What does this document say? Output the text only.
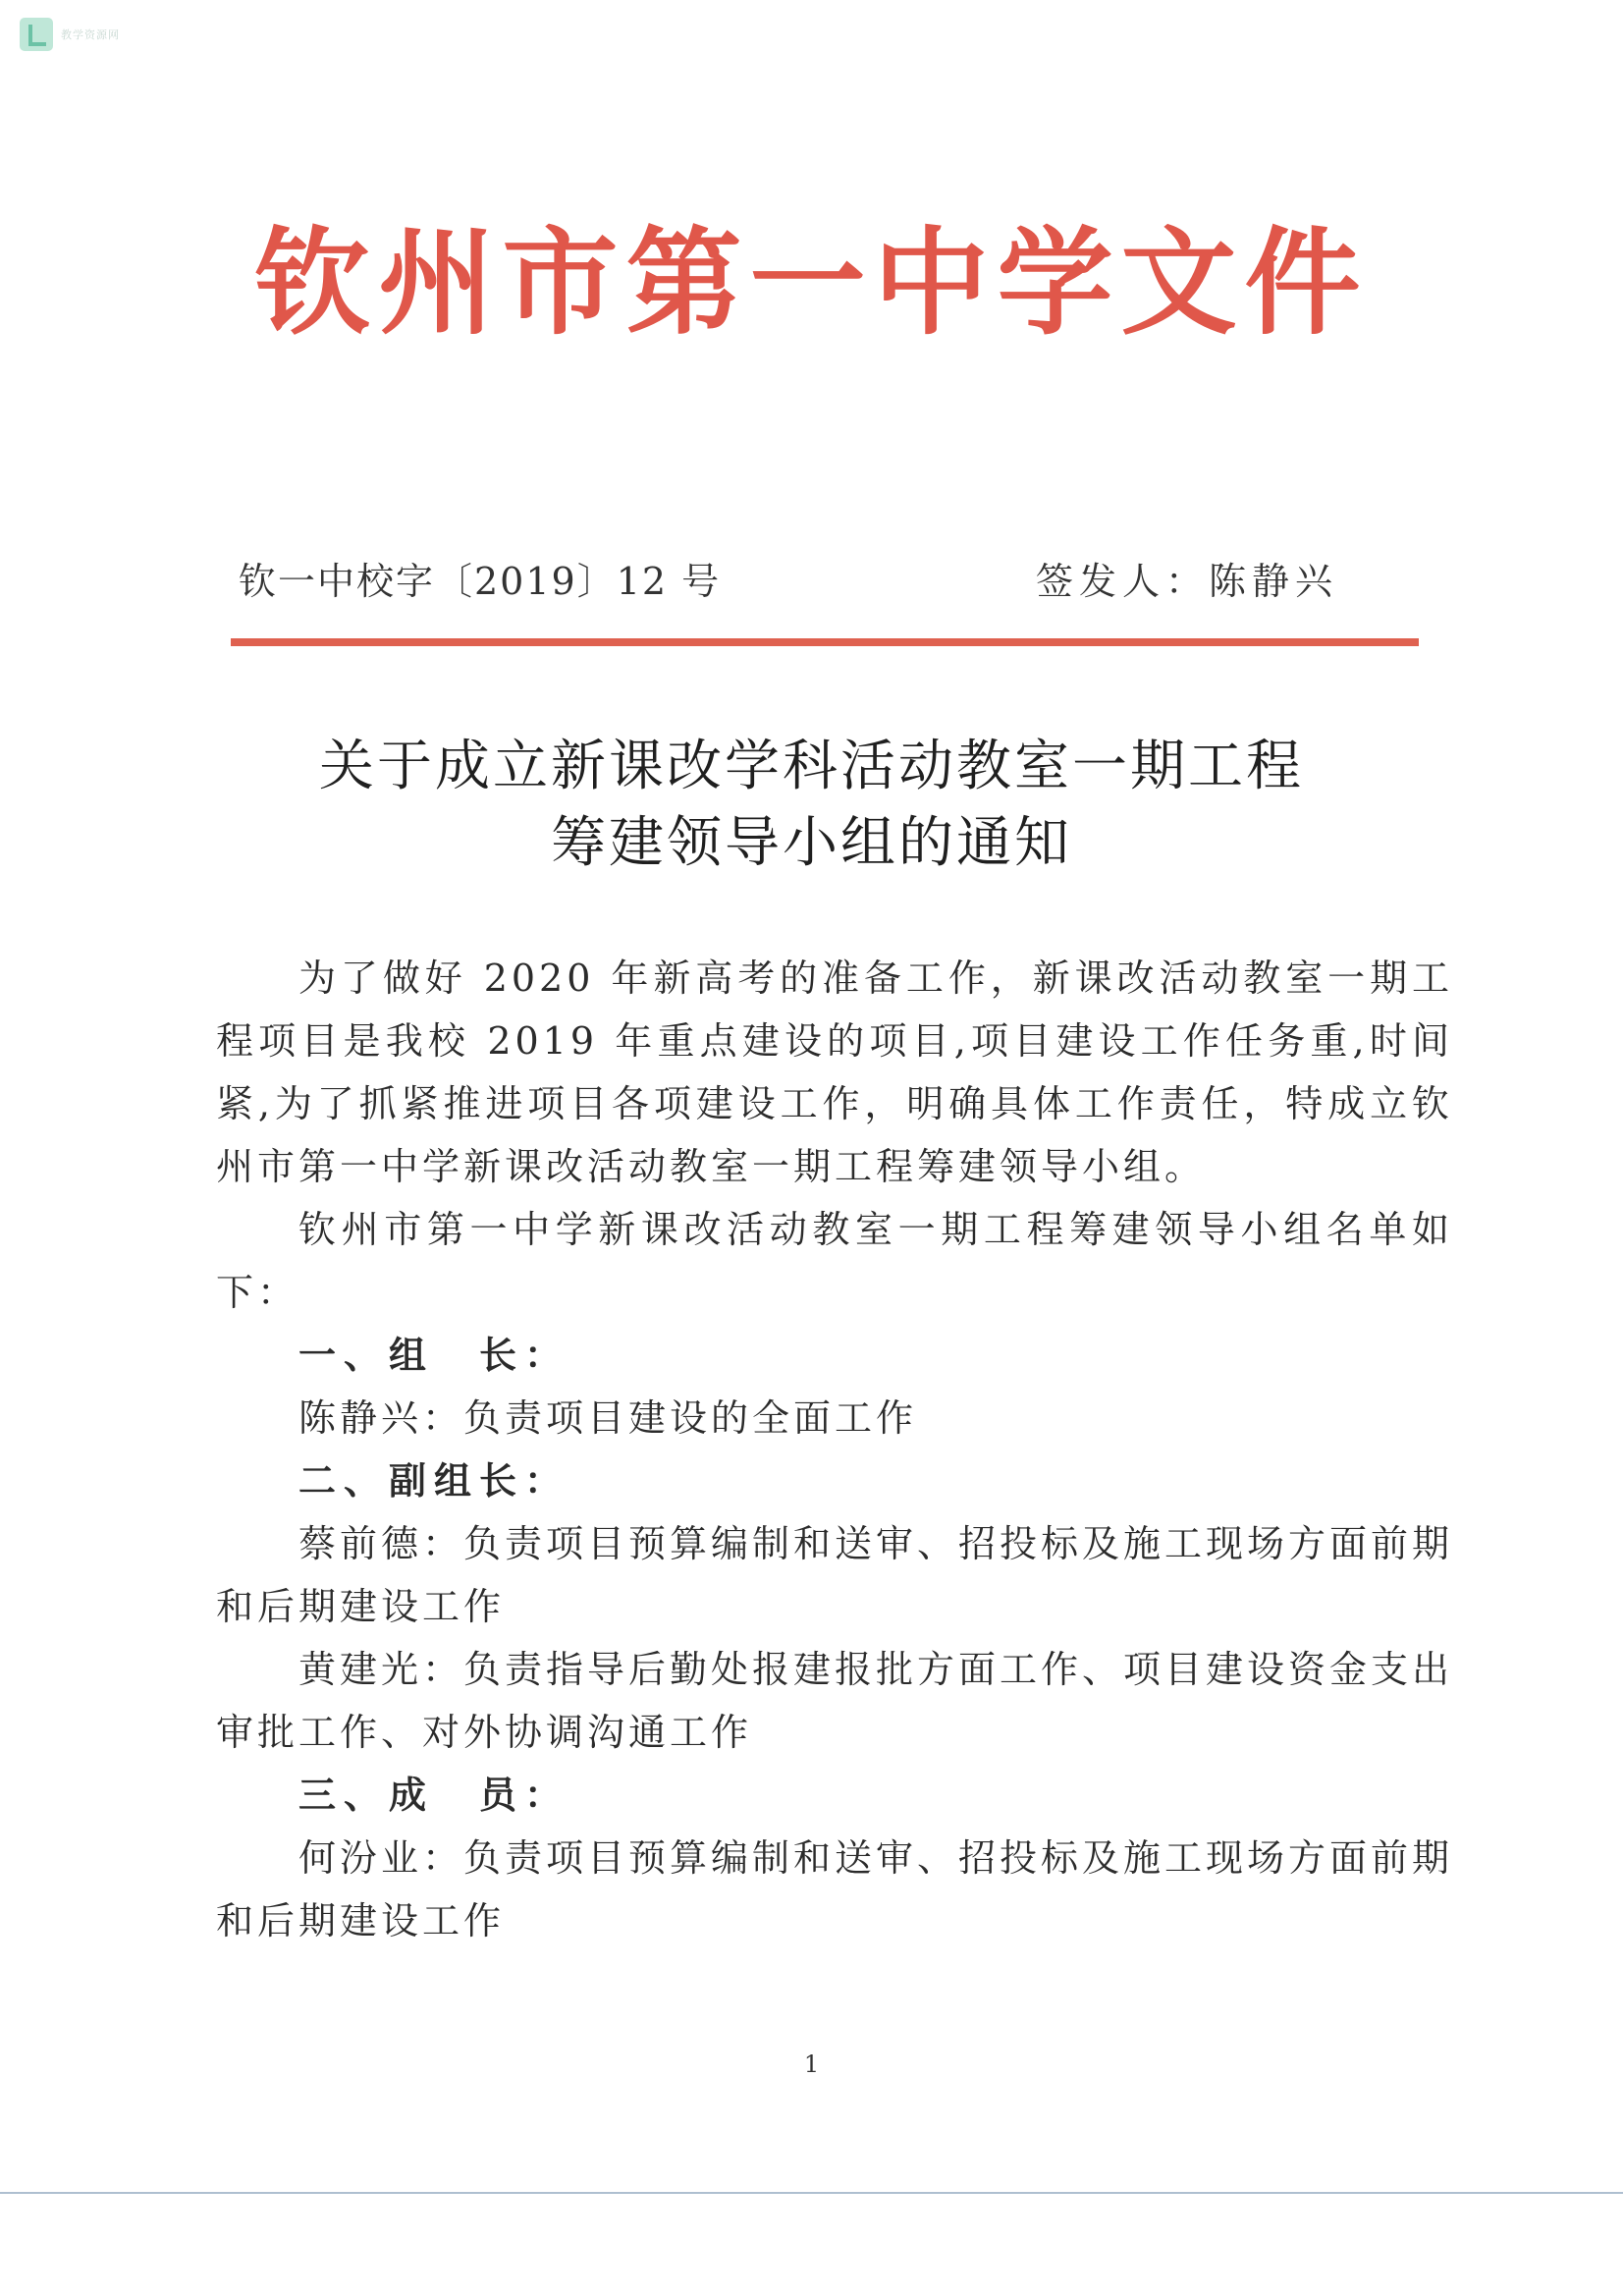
教学资源网
钦州市第一中学文件
钦一中校字〔2019〕12 号	签发人：陈静兴
关于成立新课改学科活动教室一期工程
筹建领导小组的通知

为了做好 2020 年新高考的准备工作，新课改活动教室一期工程项目是我校 2019 年重点建设的项目,项目建设工作任务重,时间紧,为了抓紧推进项目各项建设工作，明确具体工作责任，特成立钦州市第一中学新课改活动教室一期工程筹建领导小组。

钦州市第一中学新课改活动教室一期工程筹建领导小组名单如下：

一、组　长：

陈静兴：负责项目建设的全面工作

二、副组长：

蔡前德：负责项目预算编制和送审、招投标及施工现场方面前期和后期建设工作

黄建光：负责指导后勤处报建报批方面工作、项目建设资金支出审批工作、对外协调沟通工作

三、成　员：

何汾业：负责项目预算编制和送审、招投标及施工现场方面前期和后期建设工作

1
